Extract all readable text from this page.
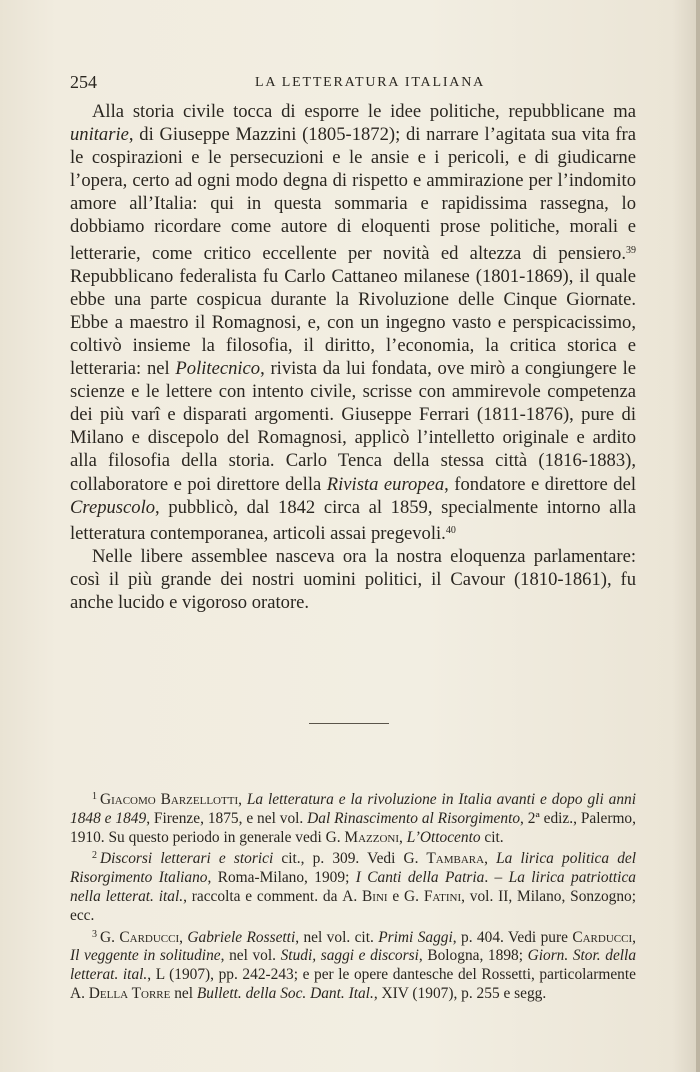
254	LA LETTERATURA ITALIANA

Alla storia civile tocca di esporre le idee politiche, repubblicane ma unitarie, di Giuseppe Mazzini (1805-1872); di narrare l’agitata sua vita fra le cospirazioni e le persecuzioni e le ansie e i pericoli, e di giudicarne l’opera, certo ad ogni modo degna di rispetto e ammirazione per l’indomito amore all’Italia: qui in questa sommaria e rapidissima rassegna, lo dobbiamo ricordare come autore di eloquenti prose politiche, morali e letterarie, come critico eccellente per novità ed altezza di pensiero.$^{39}$ Repubblicano federalista fu Carlo Cattaneo milanese (1801-1869), il quale ebbe una parte cospicua durante la Rivoluzione delle Cinque Giornate. Ebbe a maestro il Romagnosi, e, con un ingegno vasto e perspicacissimo, coltivò insieme la filosofia, il diritto, l’economia, la critica storica e letteraria: nel Politecnico, rivista da lui fondata, ove mirò a congiungere le scienze e le lettere con intento civile, scrisse con ammirevole competenza dei più varî e disparati argomenti. Giuseppe Ferrari (1811-1876), pure di Milano e discepolo del Romagnosi, applicò l’intelletto originale e ardito alla filosofia della storia. Carlo Tenca della stessa città (1816-1883), collaboratore e poi direttore della Rivista europea, fondatore e direttore del Crepuscolo, pubblicò, dal 1842 circa al 1859, specialmente intorno alla letteratura contemporanea, articoli assai pregevoli.$^{40}$

Nelle libere assemblee nasceva ora la nostra eloquenza parlamentare: così il più grande dei nostri uomini politici, il Cavour (1810-1861), fu anche lucido e vigoroso oratore.

$^1$ Giacomo Barzellotti, La letteratura e la rivoluzione in Italia avanti e dopo gli anni 1848 e 1849, Firenze, 1875, e nel vol. Dal Rinascimento al Risorgimento, 2ª ediz., Palermo, 1910. Su questo periodo in generale vedi G. Mazzoni, L’Ottocento cit.

$^2$ Discorsi letterari e storici cit., p. 309. Vedi G. Tambara, La lirica politica del Risorgimento Italiano, Roma-Milano, 1909; I Canti della Patria. – La lirica patriottica nella letterat. ital., raccolta e comment. da A. Bini e G. Fatini, vol. II, Milano, Sonzogno; ecc.

$^3$ G. Carducci, Gabriele Rossetti, nel vol. cit. Primi Saggi, p. 404. Vedi pure Carducci, Il veggente in solitudine, nel vol. Studi, saggi e discorsi, Bologna, 1898; Giorn. Stor. della letterat. ital., L (1907), pp. 242-243; e per le opere dantesche del Rossetti, particolarmente A. Della Torre nel Bullett. della Soc. Dant. Ital., XIV (1907), p. 255 e segg.
